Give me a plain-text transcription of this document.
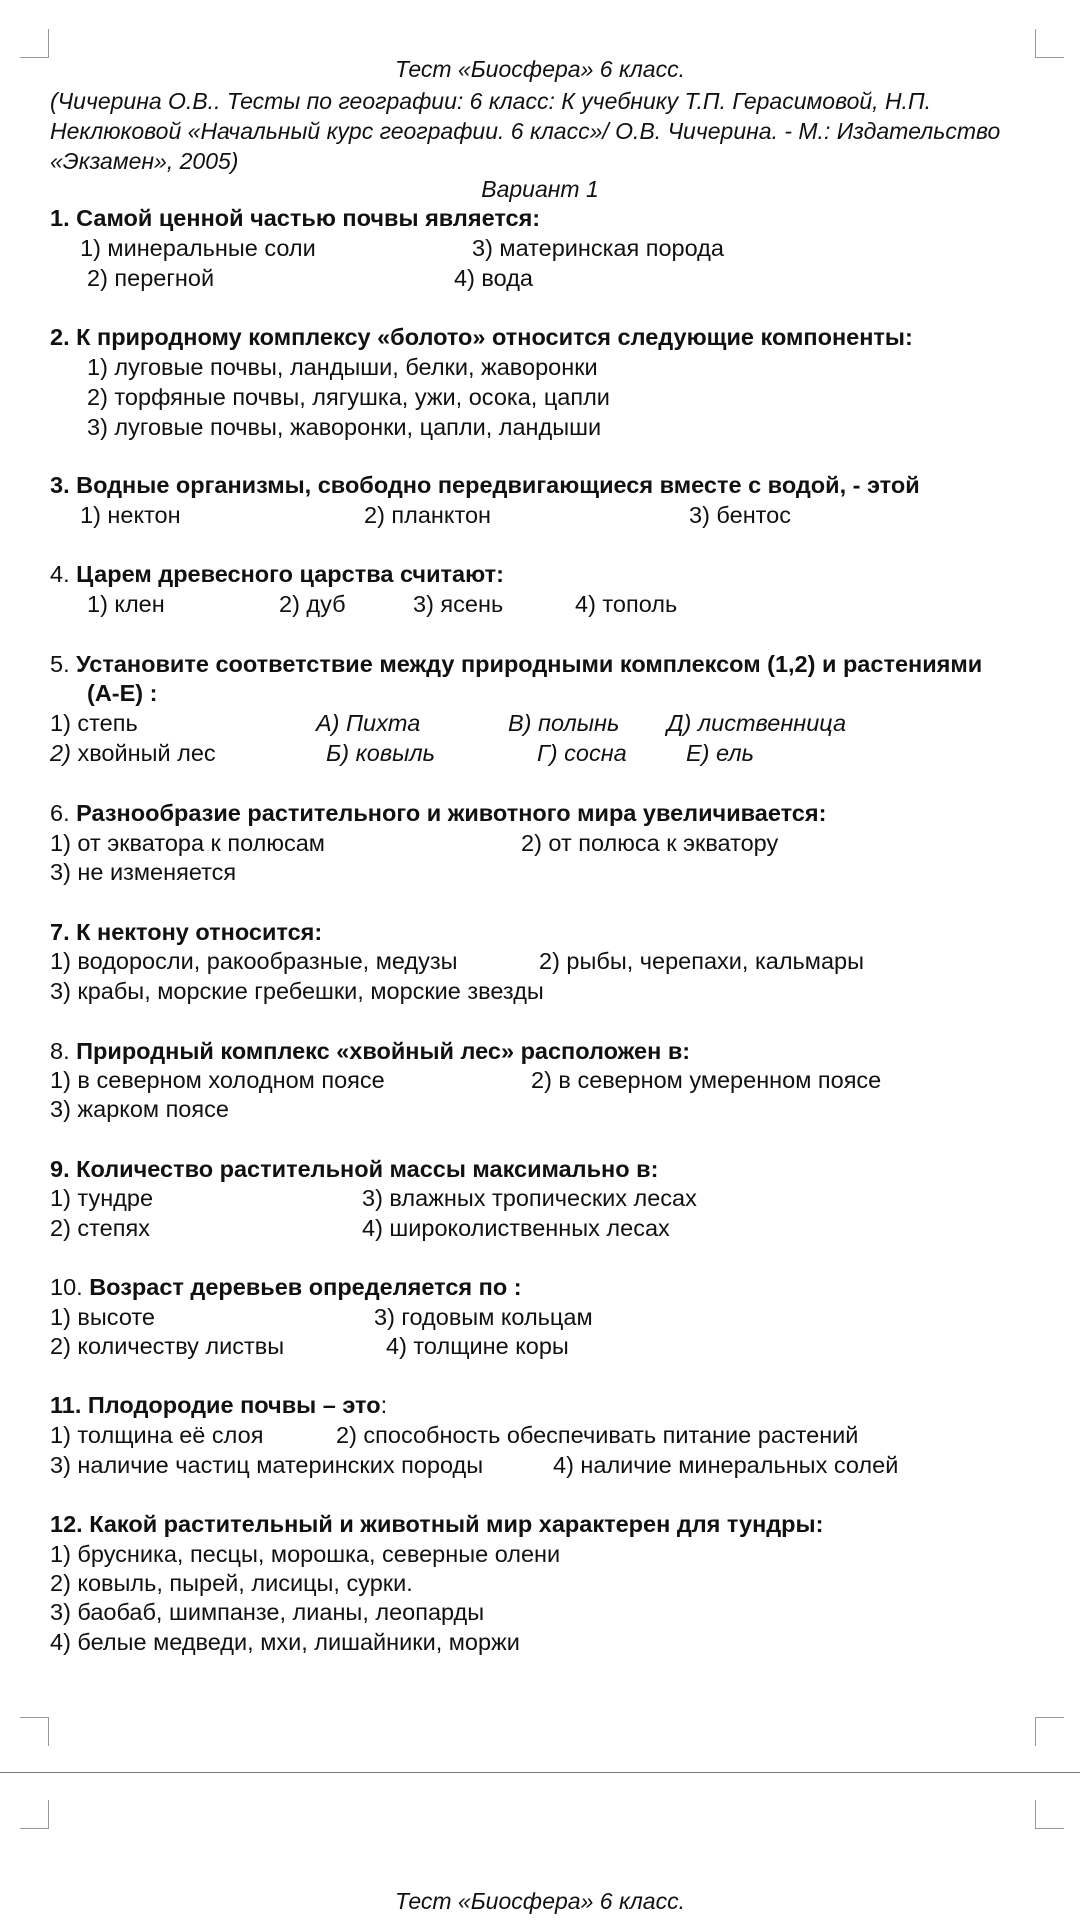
Тест «Биосфера» 6 класс.
(Чичерина О.В.. Тесты по географии: 6 класс: К учебнику Т.П. Герасимовой, Н.П. Неклюковой «Начальный курс географии. 6 класс»/ О.В. Чичерина. - М.: Издательство «Экзамен», 2005)
Вариант 1
1. Самой ценной частью почвы является:
1) минеральные соли	3) материнская порода
2) перегной	4) вода
2. К природному комплексу «болото» относится следующие компоненты:
1) луговые почвы, ландыши, белки, жаворонки
2) торфяные почвы, лягушка, ужи, осока, цапли
3) луговые почвы, жаворонки, цапли, ландыши
3. Водные организмы, свободно передвигающиеся вместе с водой, - этой
1) нектон	2) планктон	3) бентос
4. Царем древесного царства считают:
1) клен	2) дуб	3) ясень	4) тополь
5. Установите соответствие между природными комплексом (1,2) и растениями
(А-Е) :
1) степь	А) Пихта	В) полынь Д) лиственница
2) хвойный лес	Б) ковыль	Г) сосна	Е) ель
6. Разнообразие растительного и животного мира увеличивается:
1) от экватора к полюсам	2) от полюса к экватору
3) не изменяется
7. К нектону относится:
1) водоросли, ракообразные, медузы	2) рыбы, черепахи, кальмары
3) крабы, морские гребешки, морские звезды
8. Природный комплекс «хвойный лес» расположен в:
1) в северном холодном поясе	2) в северном умеренном поясе
3) жарком поясе
9. Количество растительной массы максимально в:
1) тундре	3) влажных тропических лесах
2) степях	4) широколиственных лесах
10. Возраст деревьев определяется по :
1) высоте	3) годовым кольцам
2) количеству листвы	4) толщине коры
11. Плодородие почвы – это:
1) толщина её слоя	2) способность обеспечивать питание растений
3) наличие частиц материнских породы	4) наличие минеральных солей
12. Какой растительный и животный мир характерен для тундры:
1) брусника, песцы, морошка, северные олени
2) ковыль, пырей, лисицы, сурки.
3) баобаб, шимпанзе, лианы, леопарды
4) белые медведи, мхи, лишайники, моржи
Тест «Биосфера» 6 класс.
